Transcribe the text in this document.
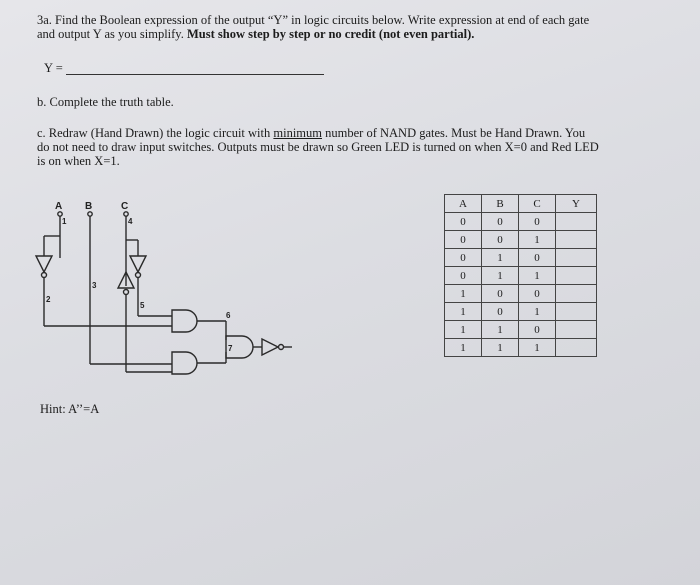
3a. Find the Boolean expression of the output “Y” in logic circuits below. Write expression at end of each gate
and output Y as you simplify. Must show step by step or no credit (not even partial).
Y =
b. Complete the truth table.
c. Redraw (Hand Drawn) the logic circuit with minimum number of NAND gates. Must be Hand Drawn. You
do not need to draw input switches. Outputs must be drawn so Green LED is turned on when X=0 and Red LED
is on when X=1.
A B	C
1
2
3
4
5
6
7
A	B	C	Y
0	0	0	
0	0	1	
0	1	0	
0	1	1	
1	0	0	
1	0	1	
1	1	0	
1	1	1	
Hint: A’’=A
